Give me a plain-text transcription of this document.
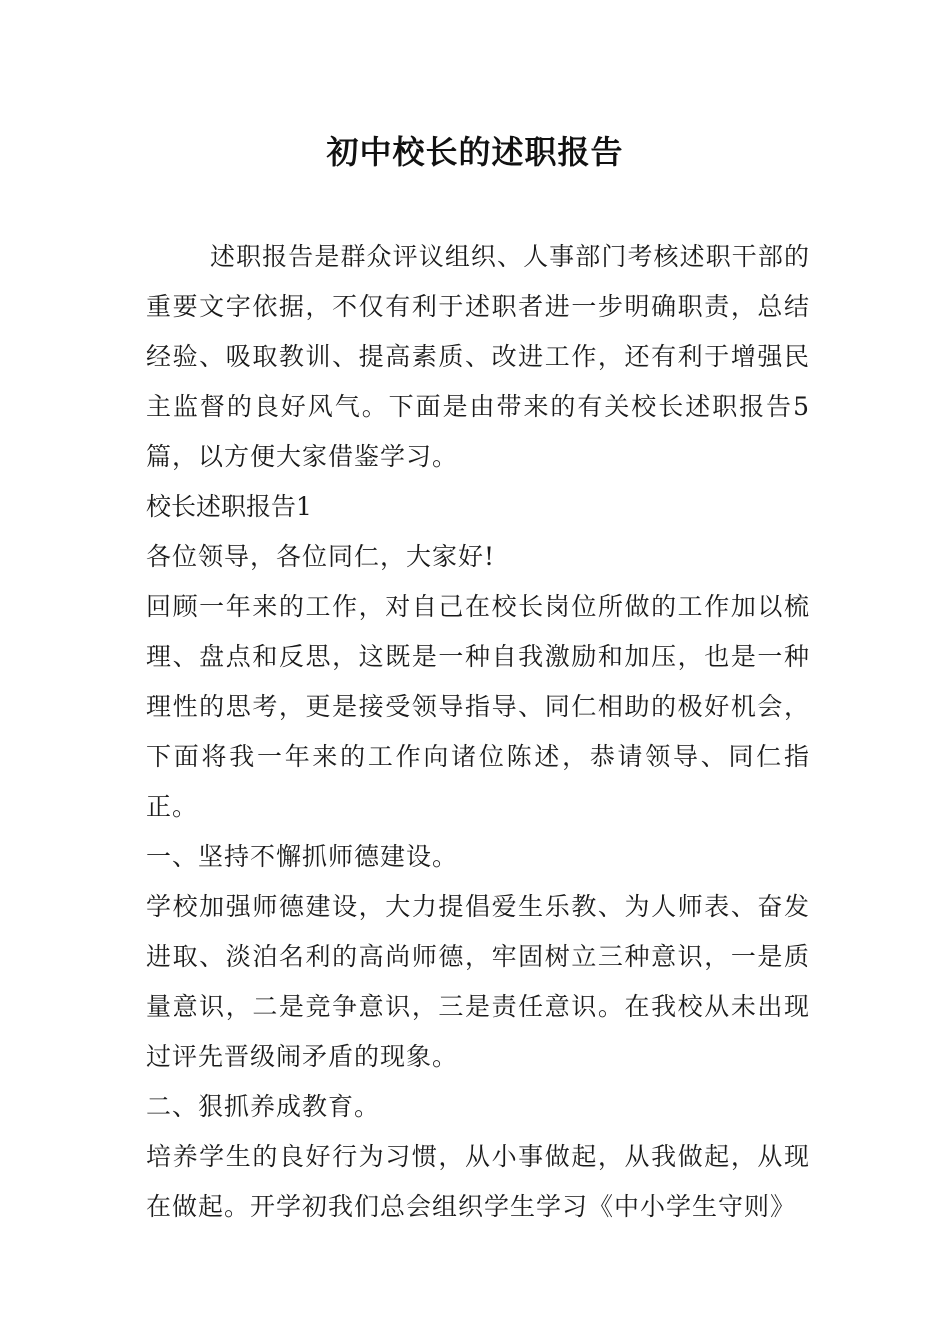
初中校长的述职报告

述职报告是群众评议组织、人事部门考核述职干部的重要文字依据，不仅有利于述职者进一步明确职责，总结经验、吸取教训、提高素质、改进工作，还有利于增强民主监督的良好风气。下面是由带来的有关校长述职报告5篇，以方便大家借鉴学习。

校长述职报告1

各位领导，各位同仁，大家好!

回顾一年来的工作，对自己在校长岗位所做的工作加以梳理、盘点和反思，这既是一种自我激励和加压，也是一种理性的思考，更是接受领导指导、同仁相助的极好机会，下面将我一年来的工作向诸位陈述，恭请领导、同仁指正。

一、坚持不懈抓师德建设。

学校加强师德建设，大力提倡爱生乐教、为人师表、奋发进取、淡泊名利的高尚师德，牢固树立三种意识，一是质量意识，二是竞争意识，三是责任意识。在我校从未出现过评先晋级闹矛盾的现象。

二、狠抓养成教育。

培养学生的良好行为习惯，从小事做起，从我做起，从现在做起。开学初我们总会组织学生学习《中小学生守则》
